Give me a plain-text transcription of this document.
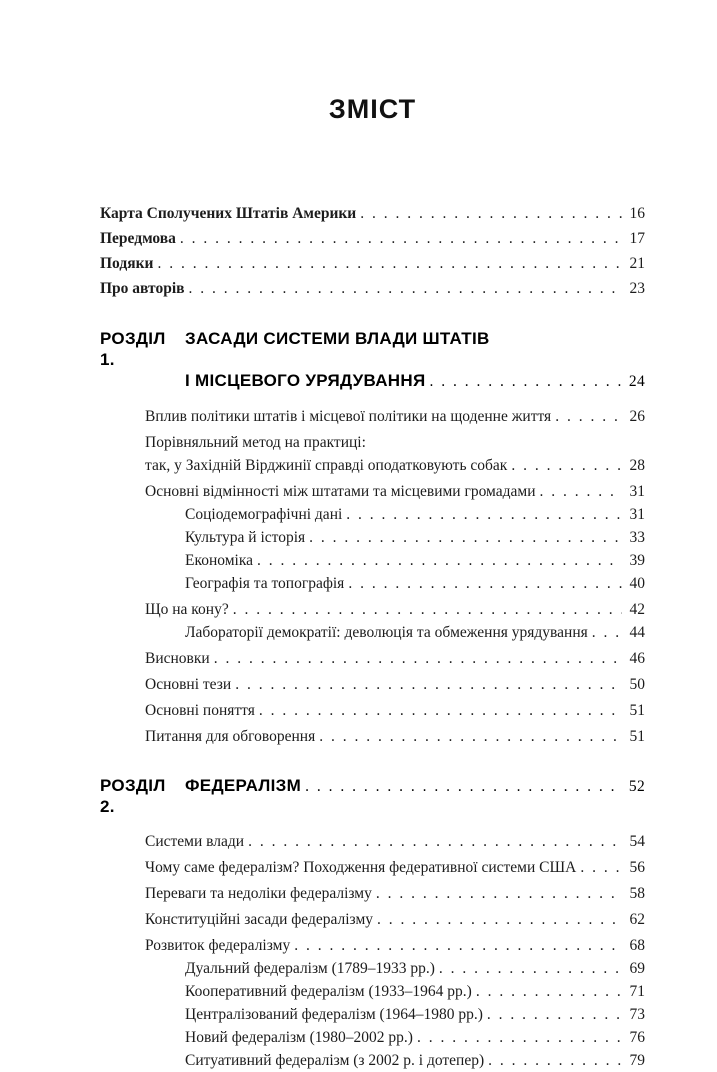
ЗМІСТ
Карта Сполучених Штатів Америки . . .	16
Передмова . . .	17
Подяки . . .	21
Про авторів . . .	23
РОЗДІЛ 1.
ЗАСАДИ СИСТЕМИ ВЛАДИ ШТАТІВ
І МІСЦЕВОГО УРЯДУВАННЯ . . .	24
Вплив політики штатів і місцевої політики на щоденне життя . . .	26
Порівняльний метод на практиці:
так, у Західній Вірджинії справді оподатковують собак . . .	28
Основні відмінності між штатами та місцевими громадами . . .	31
Соціодемографічні дані . . .	31
Культура й історія . . .	33
Економіка . . .	39
Географія та топографія . . .	40
Що на кону? . . .	42
Лабораторії демократії: деволюція та обмеження урядування . . .	44
Висновки . . .	46
Основні тези . . .	50
Основні поняття . . .	51
Питання для обговорення . . .	51
РОЗДІЛ 2.
ФЕДЕРАЛІЗМ . . .	52
Системи влади . . .	54
Чому саме федералізм? Походження федеративної системи США . . .	56
Переваги та недоліки федералізму . . .	58
Конституційні засади федералізму . . .	62
Розвиток федералізму . . .	68
Дуальний федералізм (1789–1933 рр.) . . .	69
Кооперативний федералізм (1933–1964 рр.) . . .	71
Централізований федералізм (1964–1980 рр.) . . .	73
Новий федералізм (1980–2002 рр.) . . .	76
Ситуативний федералізм (з 2002 р. і дотепер) . . .	79
